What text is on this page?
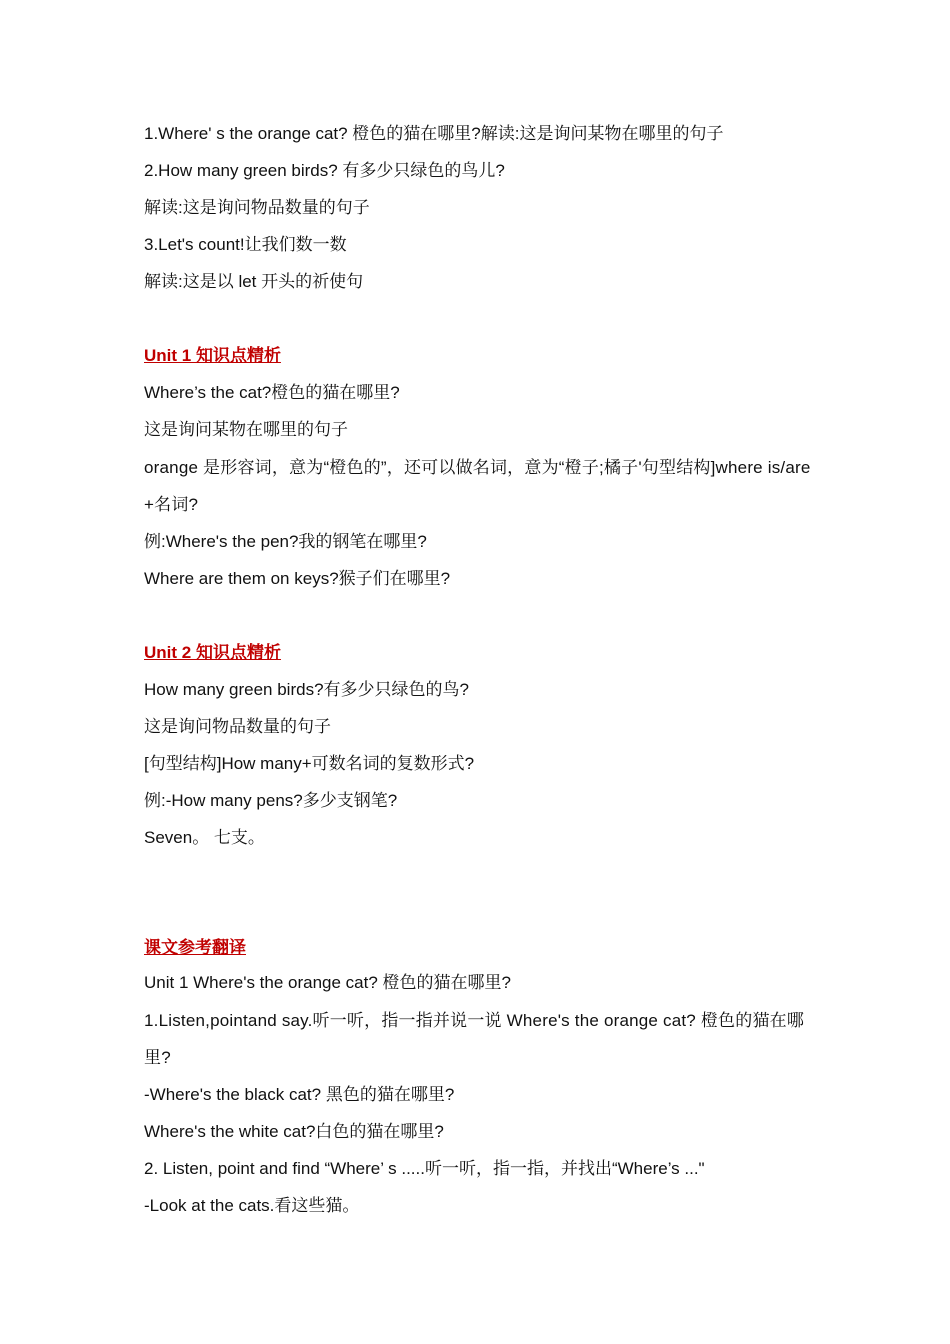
1.Where' s the orange cat? 橙色的猫在哪里?解读:这是询问某物在哪里的句子

2.How many green birds? 有多少只绿色的鸟儿?

解读:这是询问物品数量的句子

3.Let's count!让我们数一数

解读:这是以 let 开头的祈使句

Unit 1 知识点精析

Where’s the cat?橙色的猫在哪里?

这是询问某物在哪里的句子

orange 是形容词，意为“橙色的”，还可以做名词，意为“橙子;橘子'句型结构]where is/are +名词?

例:Where's the pen?我的钢笔在哪里?

Where are them on keys?猴子们在哪里?

Unit 2 知识点精析

How many green birds?有多少只绿色的鸟?

这是询问物品数量的句子

[句型结构]How many+可数名词的复数形式?

例:-How many pens?多少支钢笔?

Seven。 七支。

课文参考翻译

Unit 1 Where's the orange cat? 橙色的猫在哪里?

1.Listen,pointand say.听一听，指一指并说一说 Where's the orange cat? 橙色的猫在哪里?

-Where's the black cat? 黑色的猫在哪里?

Where's the white cat?白色的猫在哪里?

2. Listen, point and find “Where’ s .....听一听，指一指，并找出“Where’s ..."

-Look at the cats.看这些猫。
